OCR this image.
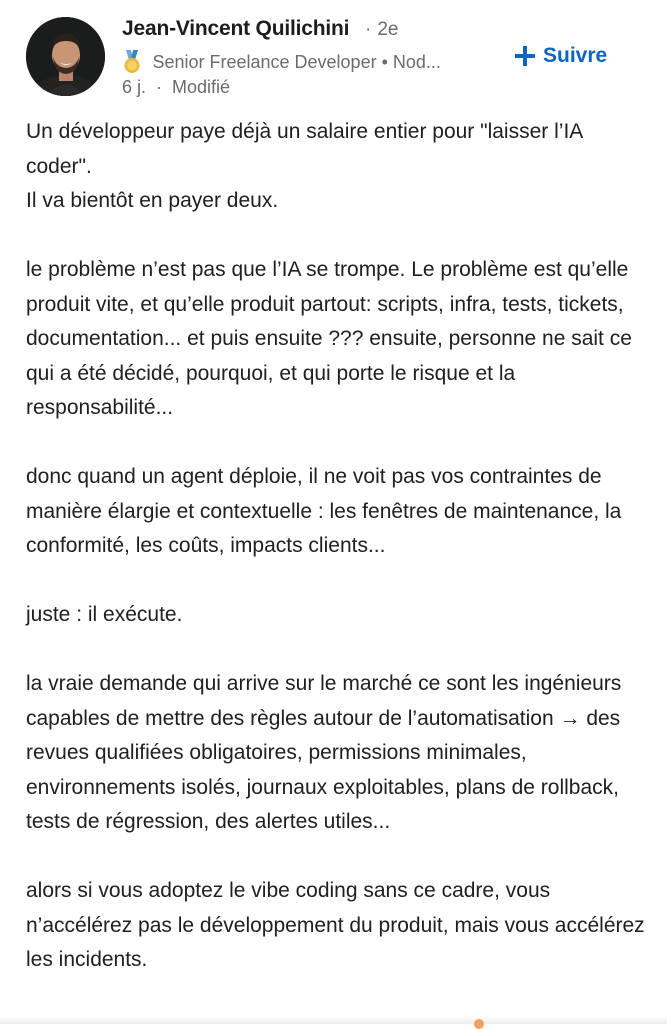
Jean-Vincent Quilichini · 2e
Senior Freelance Developer • Nod...
6 j. · Modifié
Suivre

Un développeur paye déjà un salaire entier pour "laisser l’IA coder".

Il va bientôt en payer deux.

le problème n’est pas que l’IA se trompe. Le problème est qu’elle produit vite, et qu’elle produit partout: scripts, infra, tests, tickets, documentation... et puis ensuite ??? ensuite, personne ne sait ce qui a été décidé, pourquoi, et qui porte le risque et la responsabilité...

donc quand un agent déploie, il ne voit pas vos contraintes de manière élargie et contextuelle : les fenêtres de maintenance, la conformité, les coûts, impacts clients...

juste : il exécute.

la vraie demande qui arrive sur le marché ce sont les ingénieurs capables de mettre des règles autour de l’automatisation → des revues qualifiées obligatoires, permissions minimales, environnements isolés, journaux exploitables, plans de rollback, tests de régression, des alertes utiles...

alors si vous adoptez le vibe coding sans ce cadre, vous n’accélérez pas le développement du produit, mais vous accélérez les incidents.
